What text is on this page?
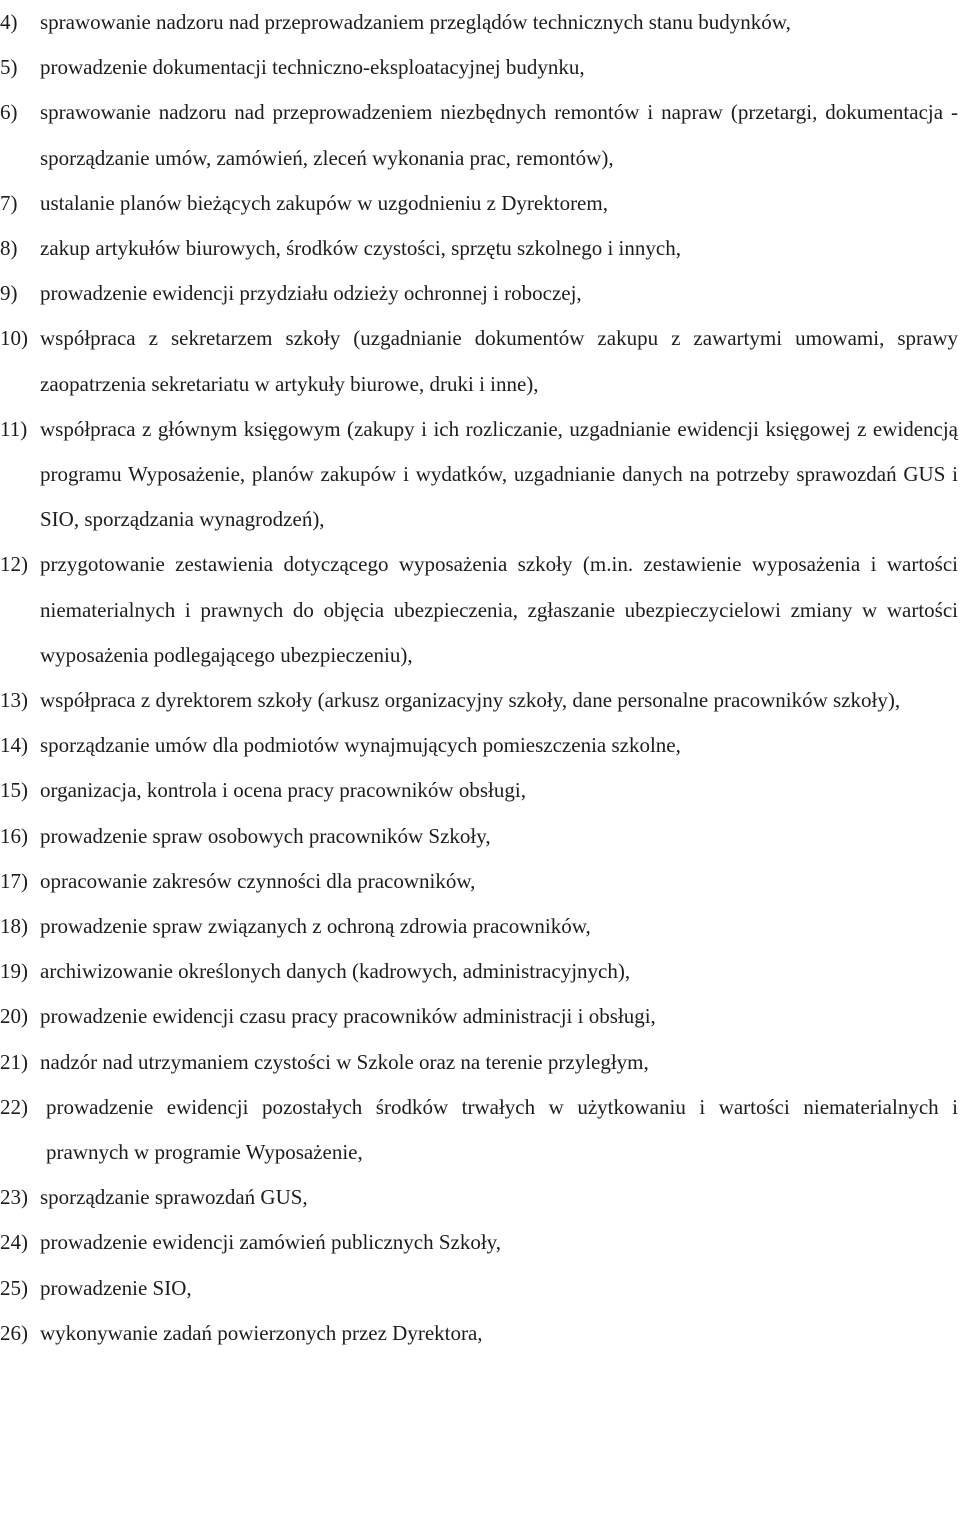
4)	sprawowanie nadzoru nad przeprowadzaniem przeglądów technicznych stanu budynków,
5)	prowadzenie dokumentacji techniczno-eksploatacyjnej budynku,
6)	sprawowanie nadzoru nad przeprowadzeniem niezbędnych remontów i napraw (przetargi, dokumentacja - sporządzanie umów, zamówień, zleceń wykonania prac, remontów),
7)	ustalanie planów bieżących zakupów w uzgodnieniu z Dyrektorem,
8)	zakup artykułów biurowych, środków czystości, sprzętu szkolnego i innych,
9)	prowadzenie ewidencji przydziału odzieży ochronnej i roboczej,
10) współpraca z sekretarzem szkoły (uzgadnianie dokumentów zakupu z zawartymi umowami, sprawy zaopatrzenia sekretariatu w artykuły biurowe, druki i inne),
11) współpraca z głównym księgowym (zakupy i ich rozliczanie, uzgadnianie ewidencji księgowej z ewidencją programu Wyposażenie, planów zakupów i wydatków, uzgadnianie danych na potrzeby sprawozdań GUS i SIO, sporządzania wynagrodzeń),
12) przygotowanie zestawienia dotyczącego wyposażenia szkoły (m.in. zestawienie wyposażenia i wartości niematerialnych i prawnych do objęcia ubezpieczenia, zgłaszanie ubezpieczycielowi zmiany w wartości wyposażenia podlegającego ubezpieczeniu),
13) współpraca z dyrektorem szkoły (arkusz organizacyjny szkoły, dane personalne pracowników szkoły),
14) sporządzanie umów dla podmiotów wynajmujących pomieszczenia szkolne,
15) organizacja, kontrola i ocena pracy pracowników obsługi,
16) prowadzenie spraw osobowych pracowników Szkoły,
17) opracowanie zakresów czynności dla pracowników,
18) prowadzenie spraw związanych z ochroną zdrowia pracowników,
19) archiwizowanie określonych danych (kadrowych, administracyjnych),
20) prowadzenie ewidencji czasu pracy pracowników administracji i obsługi,
21) nadzór nad utrzymaniem czystości w Szkole oraz na terenie przyległym,
22) prowadzenie ewidencji pozostałych środków trwałych w użytkowaniu i wartości niematerialnych i prawnych w programie Wyposażenie,
23) sporządzanie sprawozdań GUS,
24) prowadzenie ewidencji zamówień publicznych Szkoły,
25) prowadzenie SIO,
26) wykonywanie zadań powierzonych przez Dyrektora,
